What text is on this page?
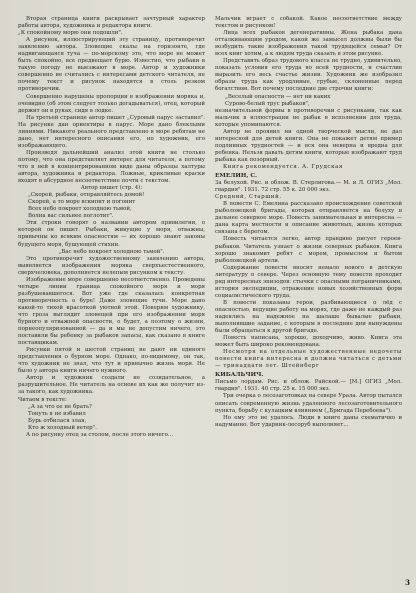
Вторая страница книги раскрывает зачтурный характер работы автора, художника и редактора книги.

„К спокойному морю они подошли".

А рисунок, иллюстрирующий эту страницу, противоречит заявлению автора. Зловещие скалы на горизонте, где надвигающаяся туча — по-морскому это, что море не может быть спокойно, все предвещает бурю. Известно, что рыбаки в такую погоду не выезжают в море. Автор и художники совершенно не считались с интересами детского читателя, не почему текст и рисунок находятся в столь резком противоречии.

Совершенно нарушены пропорции в изображении моряка и, очевидно (об этом следует только догадываться), отец, который держит он в руках, сидя в лодке.

На третьей странице автор пишет „Суровый парус заставил". На рисунке дан ориентиры в парус. Море дано блеклыми линиями. Никакого реального представлено в море ребятам не дано, нет интересного описания его, но художник, его изображающего.

Произведя дальнейший анализ этой книги не столько потому, что она представляет интерес для читателя, а потому что в ней в концентрированном виде даны образцы халтуры автора, художника и редактора. Ложные, крикливые краски входят в абсурдное несоответствие почти с текстом.

Автор пишет (стр. 4):

„Скорей, рыбаки, отправляйтесь домой!

Скорей, а то море вскипит и погонит

Всех небо покроет холодною тьмой,

Волна вас сильнее поглотит".

Эти строки говорят о названии автором привилегии, о которой он пишет. Рыбаки, живущие у моря, отважны, привычны ко всяким опасностям — их хорошо знают законы будущего моря, бушующей стихии.

„Вас небо покроет холодною тьмой".

Это противоречит художественному заявлению автора, выявляется изображения моряка сверхъестественного, сверхчеловека, дополняется нелепым рисунком к тексту.

Изображение море совершенно несответственно. Проведены четыре линии граница спокойного моря и моря разбушевавшегося. Вот уже где сказалась конкретная противоречность о буре! Даже зловещие тучи. Море дано какой-то тихой красоткой уютной этой. Поверим художнику, что гроза выглядит зловещей при его изображении моря бурного и отважной опасности, о будет, а поэтому о жизни, порнеопуляризованной — да и мы не допустим ничего, это поставили бы ребенку за рыбаков запасы, как сказано в книге поставщикам.

Рисунки пятой и шестой страниц не дают ни единого представления о бурном море. Однако, по-видимому, он так, что художник не знал, что тут и привычно жизнь моря. Не было у автора книги ничего нужного.

Автор и художник создали не созидательное, а разрушительное. Не читатель на основе их как же получит из-за такого, как художника.

Читаем в тексте:

„А за что ее не брать?

Тонуть я не взбавил

Бурь отбилася злая,

Кто ж холодный ветер".

А по рисунку отец за столом, после этого ничего...

Мальчик играет с собакой. Какое несоответствие между текстом и рисунком!

Лица всех рыбаков дегенеративны. Жена рыбака дана отталкивающим уродом, какой же замысел должны были бы возбудить такие изображения такой трудящейся семьи? От всех книг хотим, а к людям труда сказать в этом рисунке.

Представить образ трудового класса не трудно, удивительно, показать условия его труда во всей трудности, и счастлив выразить его весь счастье жизни. Художник же изобразил образы труда как уродливые, грубые, склоненные перед богатством. Вот почему последние две строчки книги:

„Веселый опасности — нет ни каких

Сурово-белый трус рыбаков",

незначительной формы в противоречии с рисунками, так как мальчик в иллюстрации не рыбак в исполнении для труда, которые упоминаются.

Автор не проявил ни одной творческой мысли, не дал интересной для детей книги. Она не покажет детям пример подлинных трудностей — и вся она неверна и вредна для ребенка. Нельзя давать детям книги, которые изображают труд рыбака как позорный.

Книга рекомендуется. А. Грудская

ЕМЕЛИН, С.

За белухой. Рис. и облож. В. Стерлигова.— М. и Л. ОГИЗ „Мол. гвардия". 1931. 72 стр. 55 к. 20 000 экз.

Средний, Старший.

В повести С. Емелина рассказано происхождение советской рыболовецкой бригады, которая отправляется на белуху в дальнее северное море. Повесть занимательная и интересна — дана карта местности и описание животных, жизнь которых связана с берегом.

Повесть читается легко, автор правдиво рисует героев-рыбаков. Читатель узнает о жизни северных рыбаков. Книга хорошо знакомит ребят с морем, промыслом и бытом рыболовецкой артели.

Содержание повести вносит немало нового в детскую литературу о севере. Через основную тему повести проходит ряд интересных эпизодов: стычки с опасными пограничниками, история экспедиции, отражение новых хозяйственных форм социалистического труда.

В повести показаны герои, разбивающиеся о лёд с опасностью, ведущие работу на морях, где даже не каждый раз надеялись на надежное на шалаше бывалые рыбаки, выполнявшие задание, с которым в последние дни вынуждены были обращаться к другой бригаде.

Повесть написана, хорошо, доходчиво, живо. Книга эта может быть широко рекомендована.

Несмотря на отдельные художественные недочеты повести книга интересна и должна читаться с детьми — тринадцати лет. Штейнберг

КИБАЛЬЧИЧ.

Письмо лордам. Рис. и облож. Райской.— [М.] ОГИЗ „Мол. гвардия". 1931. 40 стр. 25 к. 15 000 экз.

Три очерка о лесозаготовках на севере Урала. Автор пытался описать современную жизнь удаленного лесозаготовительного пункта, борьбу с кулацким влиянием („Бригада Перебоева").

Но ему это не удалось. Люди в книге даны схематично и надуманно. Вот ударник-лесоруб выполняет...

3
